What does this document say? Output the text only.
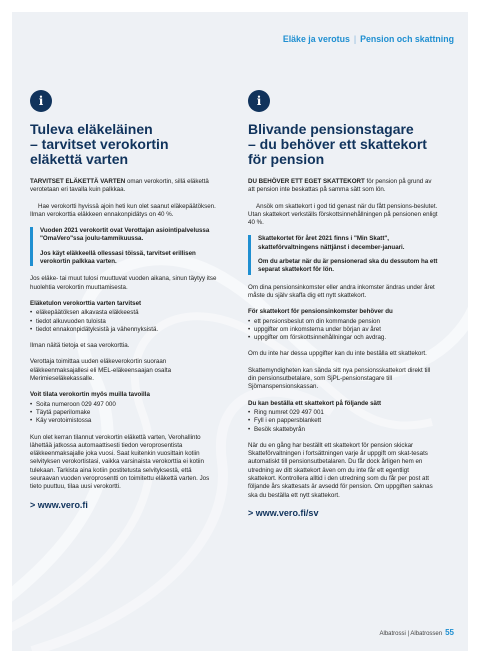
Eläke ja verotus | Pension och skattning
i
Tuleva eläkeläinen
– tarvitset verokortin
eläkettä varten

TARVITSET ELÄKETTÄ VARTEN oman verokortin, sillä eläkettä verotetaan eri tavalla kuin palkkaa.

Hae verokortti hyvissä ajoin heti kun olet saanut eläkepäätöksen. Ilman verokorttia eläkkeen ennakonpidätys on 40 %.

Vuoden 2021 verokortit ovat Verottajan asiointipalvelussa "OmaVero"ssa joulu-tammikuussa.

Jos käyt eläkkeellä ollessasi töissä, tarvitset erillisen verokortin palkkaa varten.

Jos eläke- tai muut tulosi muuttuvat vuoden aikana, sinun täytyy itse huolehtia verokortin muuttamisesta.

Eläketulon verokorttia varten tarvitset

• eläkepäätöksen alkavasta eläkkeestä
• tiedot alkuvuoden tuloista
• tiedot ennakonpidätyksistä ja vähennyksistä.

Ilman näitä tietoja et saa verokorttia.

Verottaja toimittaa uuden eläkeverokortin suoraan eläkkeenmaksajallesi eli MEL-eläkeensaajan osalta Merimieseläkekassalle.

Voit tilata verokortin myös muilla tavoilla

• Soita numeroon 029 497 000
• Täytä paperilomake
• Käy verotoimistossa

Kun olet kerran tilannut verokortin eläkettä varten, Verohallinto lähettää jatkossa automaattisesti tiedon veroprosentista eläkkeenmaksajalle joka vuosi. Saat kuitenkin vuosittain kotiin selvityksen verokortistasi, vaikka varsinaista verokorttia ei kotiin tulekaan. Tarkista aina kotiin postitetusta selvityksestä, että seuraavan vuoden veroprosentti on toimitettu eläkettä varten. Jos tieto puuttuu, tilaa uusi verokortti.

> www.vero.fi
i
Blivande pensionstagare
– du behöver ett skattekort
för pension

DU BEHÖVER ETT EGET SKATTEKORT för pension på grund av att pension inte beskattas på samma sätt som lön.

Ansök om skattekort i god tid genast när du fått pensions-beslutet. Utan skattekort verkställs förskottsinnehållningen på pensionen enligt 40 %.

Skattekortet för året 2021 finns i "Min Skatt", skatteförvaltningens nättjänst i december-januari.

Om du arbetar när du är pensionerad ska du dessutom ha ett separat skattekort för lön.

Om dina pensionsinkomster eller andra inkomster ändras under året måste du själv skaffa dig ett nytt skattekort.

För skattekort för pensionsinkomster behöver du

• ett pensionsbeslut om din kommande pension
• uppgifter om inkomsterna under början av året
• uppgifter om förskottsinnehållningar och avdrag.

Om du inte har dessa uppgifter kan du inte beställa ett skattekort.

Skattemyndigheten kan sända sitt nya pensionsskattekort direkt till din pensionsutbetalare, som SjPL-pensionstagare till Sjömanspensionskassan.

Du kan beställa ett skattekort på följande sätt

• Ring numret 029 497 001
• Fyll i en pappersblankett
• Besök skattebyrån

När du en gång har beställt ett skattekort för pension skickar Skatteförvaltningen i fortsättningen varje år uppgift om skat-tesats automatiskt till pensionsutbetalaren. Du får dock årligen hem en utredning av ditt skattekort även om du inte får ett egentligt skattekort. Kontrollera alltid i den utredning som du får per post att följande års skattesats är avsedd för pension. Om uppgiften saknas ska du beställa ett nytt skattekort.

> www.vero.fi/sv
Albatrossi | Albatrossen 55
